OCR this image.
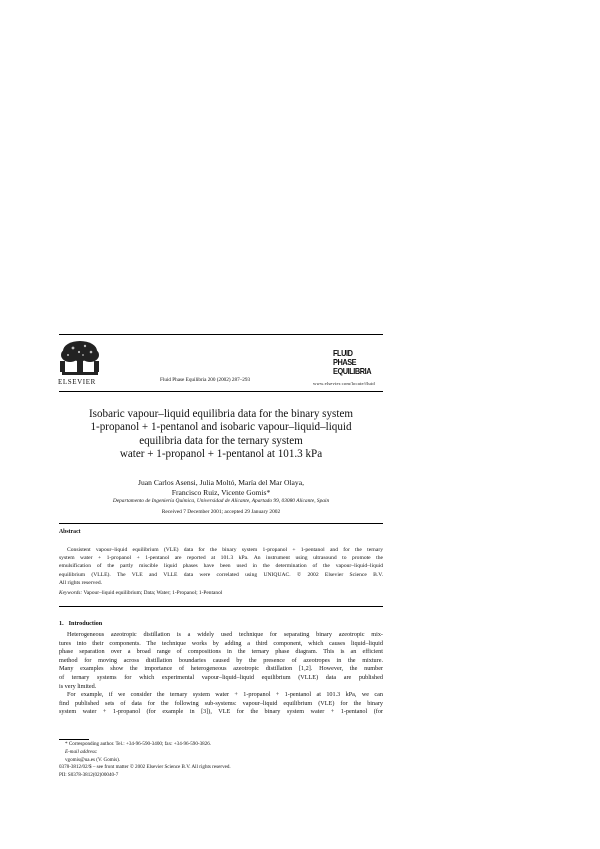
ELSEVIER	Fluid Phase Equilibria 200 (2002) 287–293
FLUID PHASE
EQUILIBRIA
www.elsevier.com/locate/fluid
Isobaric vapour–liquid equilibria data for the binary system
1-propanol + 1-pentanol and isobaric vapour–liquid–liquid
equilibria data for the ternary system
water + 1-propanol + 1-pentanol at 101.3 kPa
Juan Carlos Asensi, Julia Moltó, María del Mar Olaya,
Francisco Ruiz, Vicente Gomis*
Departamento de Ingeniería Química, Universidad de Alicante, Apartado 99, 03080 Alicante, Spain
Received 7 December 2001; accepted 29 January 2002
Abstract
Consistent vapour–liquid equilibrium (VLE) data for the binary system 1-propanol + 1-pentanol and for the ternary
system water + 1-propanol + 1-pentanol are reported at 101.3 kPa. An instrument using ultrasound to promote the
emulsification of the partly miscible liquid phases have been used in the determination of the vapour–liquid–liquid
equilibrium (VLLE). The VLE and VLLE data were correlated using UNIQUAC. © 2002 Elsevier Science B.V.
All rights reserved.
Keywords: Vapour–liquid equilibrium; Data; Water; 1-Propanol; 1-Pentanol
1. Introduction
Heterogeneous azeotropic distillation is a widely used technique for separating binary azeotropic mix-
tures into their components. The technique works by adding a third component, which causes liquid–liquid
phase separation over a broad range of compositions in the ternary phase diagram. This is an efficient
method for moving across distillation boundaries caused by the presence of azeotropes in the mixture.
Many examples show the importance of heterogeneous azeotropic distillation [1,2]. However, the number
of ternary systems for which experimental vapour–liquid–liquid equilibrium (VLLE) data are published
is very limited.
For example, if we consider the ternary system water + 1-propanol + 1-pentanol at 101.3 kPa, we can
find published sets of data for the following sub-systems: vapour–liquid equilibrium (VLE) for the binary
system water + 1-propanol (for example in [3]), VLE for the binary system water + 1-pentanol (for
* Corresponding author. Tel.: +34-96-590-3400; fax: +34-96-590-3826.
E-mail address:
vgomis@ua.es (V. Gomis).
0378-3812/02/$ – see front matter © 2002 Elsevier Science B.V. All rights reserved.
PII: S0378-3812(02)00040-7
